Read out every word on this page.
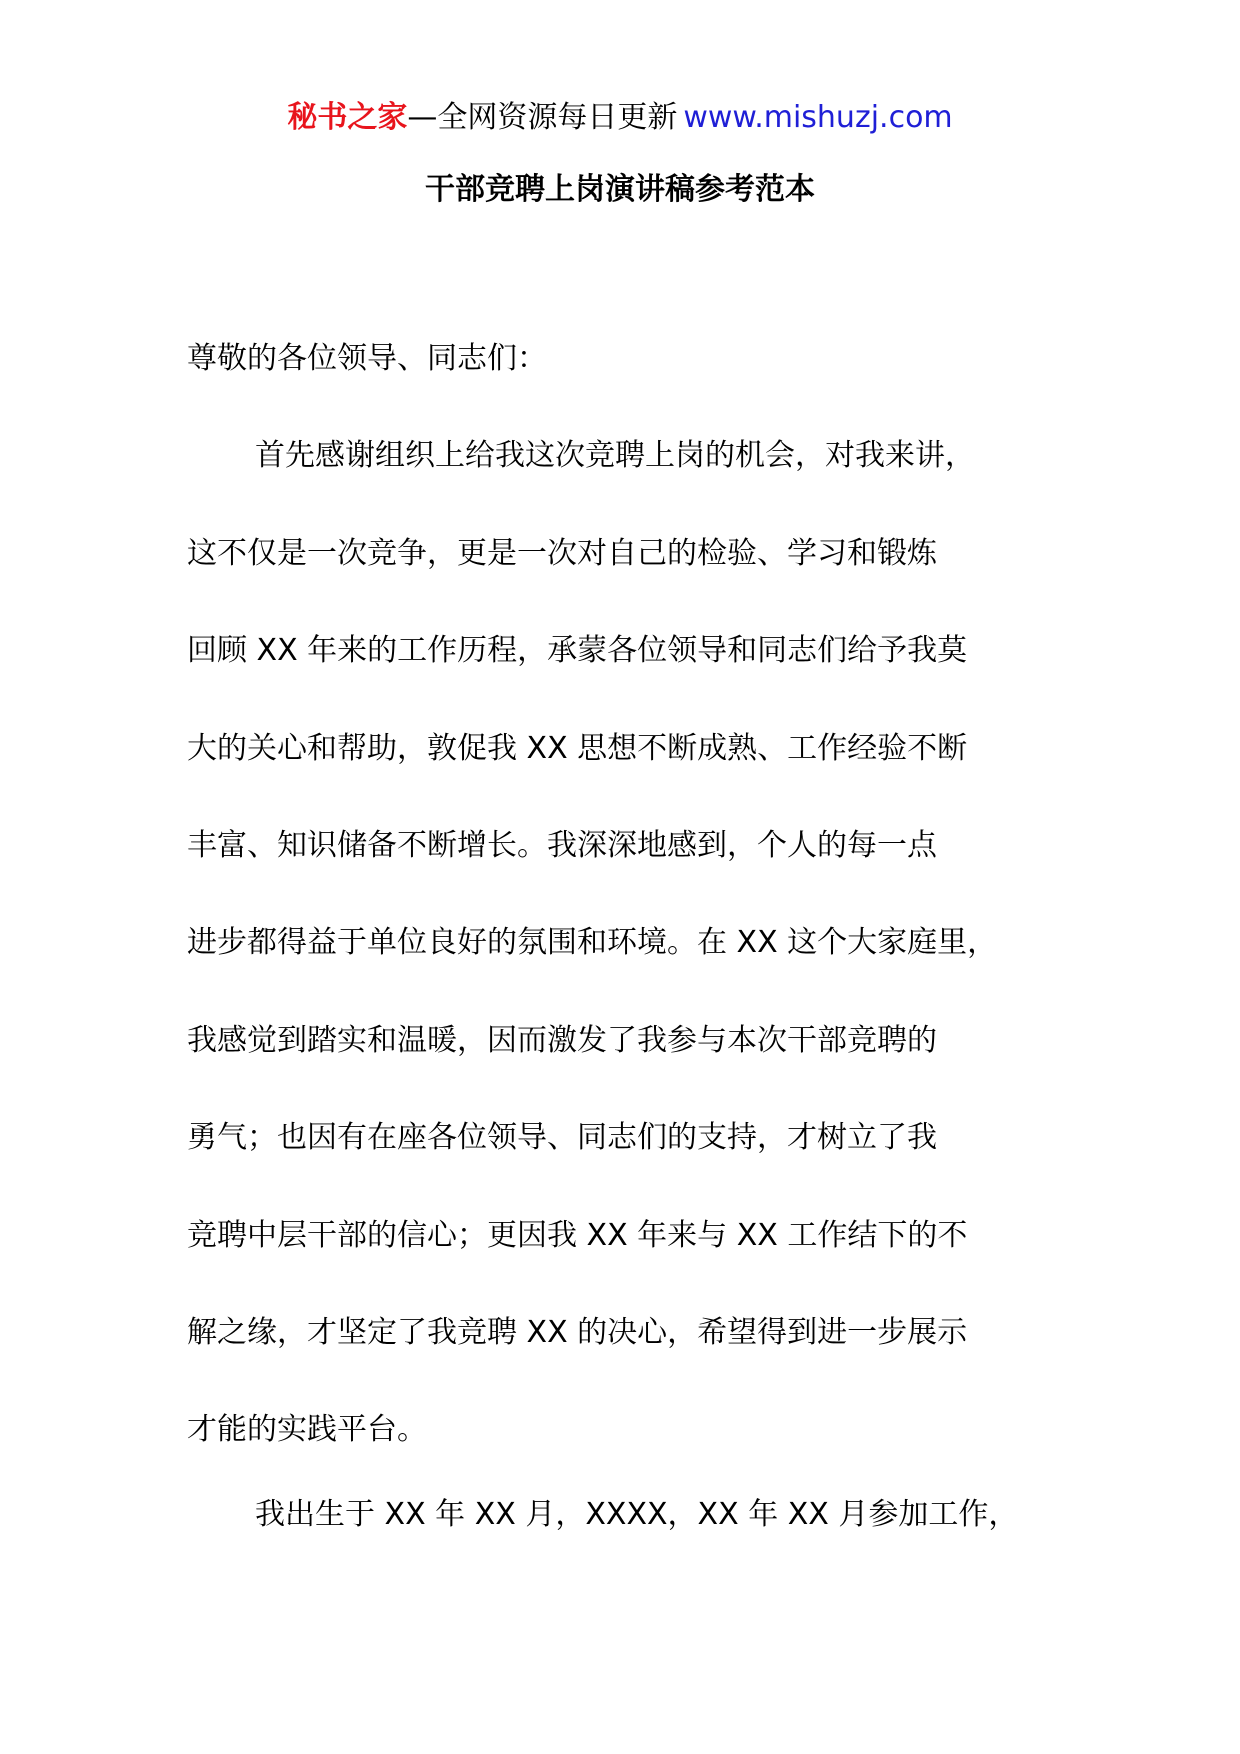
秘书之家—全网资源每日更新 www.mishuzj.com
干部竞聘上岗演讲稿参考范本
尊敬的各位领导、同志们：
首先感谢组织上给我这次竞聘上岗的机会，对我来讲，
这不仅是一次竞争，更是一次对自己的检验、学习和锻炼
回顾 XX 年来的工作历程，承蒙各位领导和同志们给予我莫
大的关心和帮助，敦促我 XX 思想不断成熟、工作经验不断
丰富、知识储备不断增长。我深深地感到，个人的每一点
进步都得益于单位良好的氛围和环境。在 XX 这个大家庭里，
我感觉到踏实和温暖，因而激发了我参与本次干部竞聘的
勇气；也因有在座各位领导、同志们的支持，才树立了我
竞聘中层干部的信心；更因我 XX 年来与 XX 工作结下的不
解之缘，才坚定了我竞聘 XX 的决心，希望得到进一步展示
才能的实践平台。
我出生于 XX 年 XX 月，XXXX，XX 年 XX 月参加工作，
